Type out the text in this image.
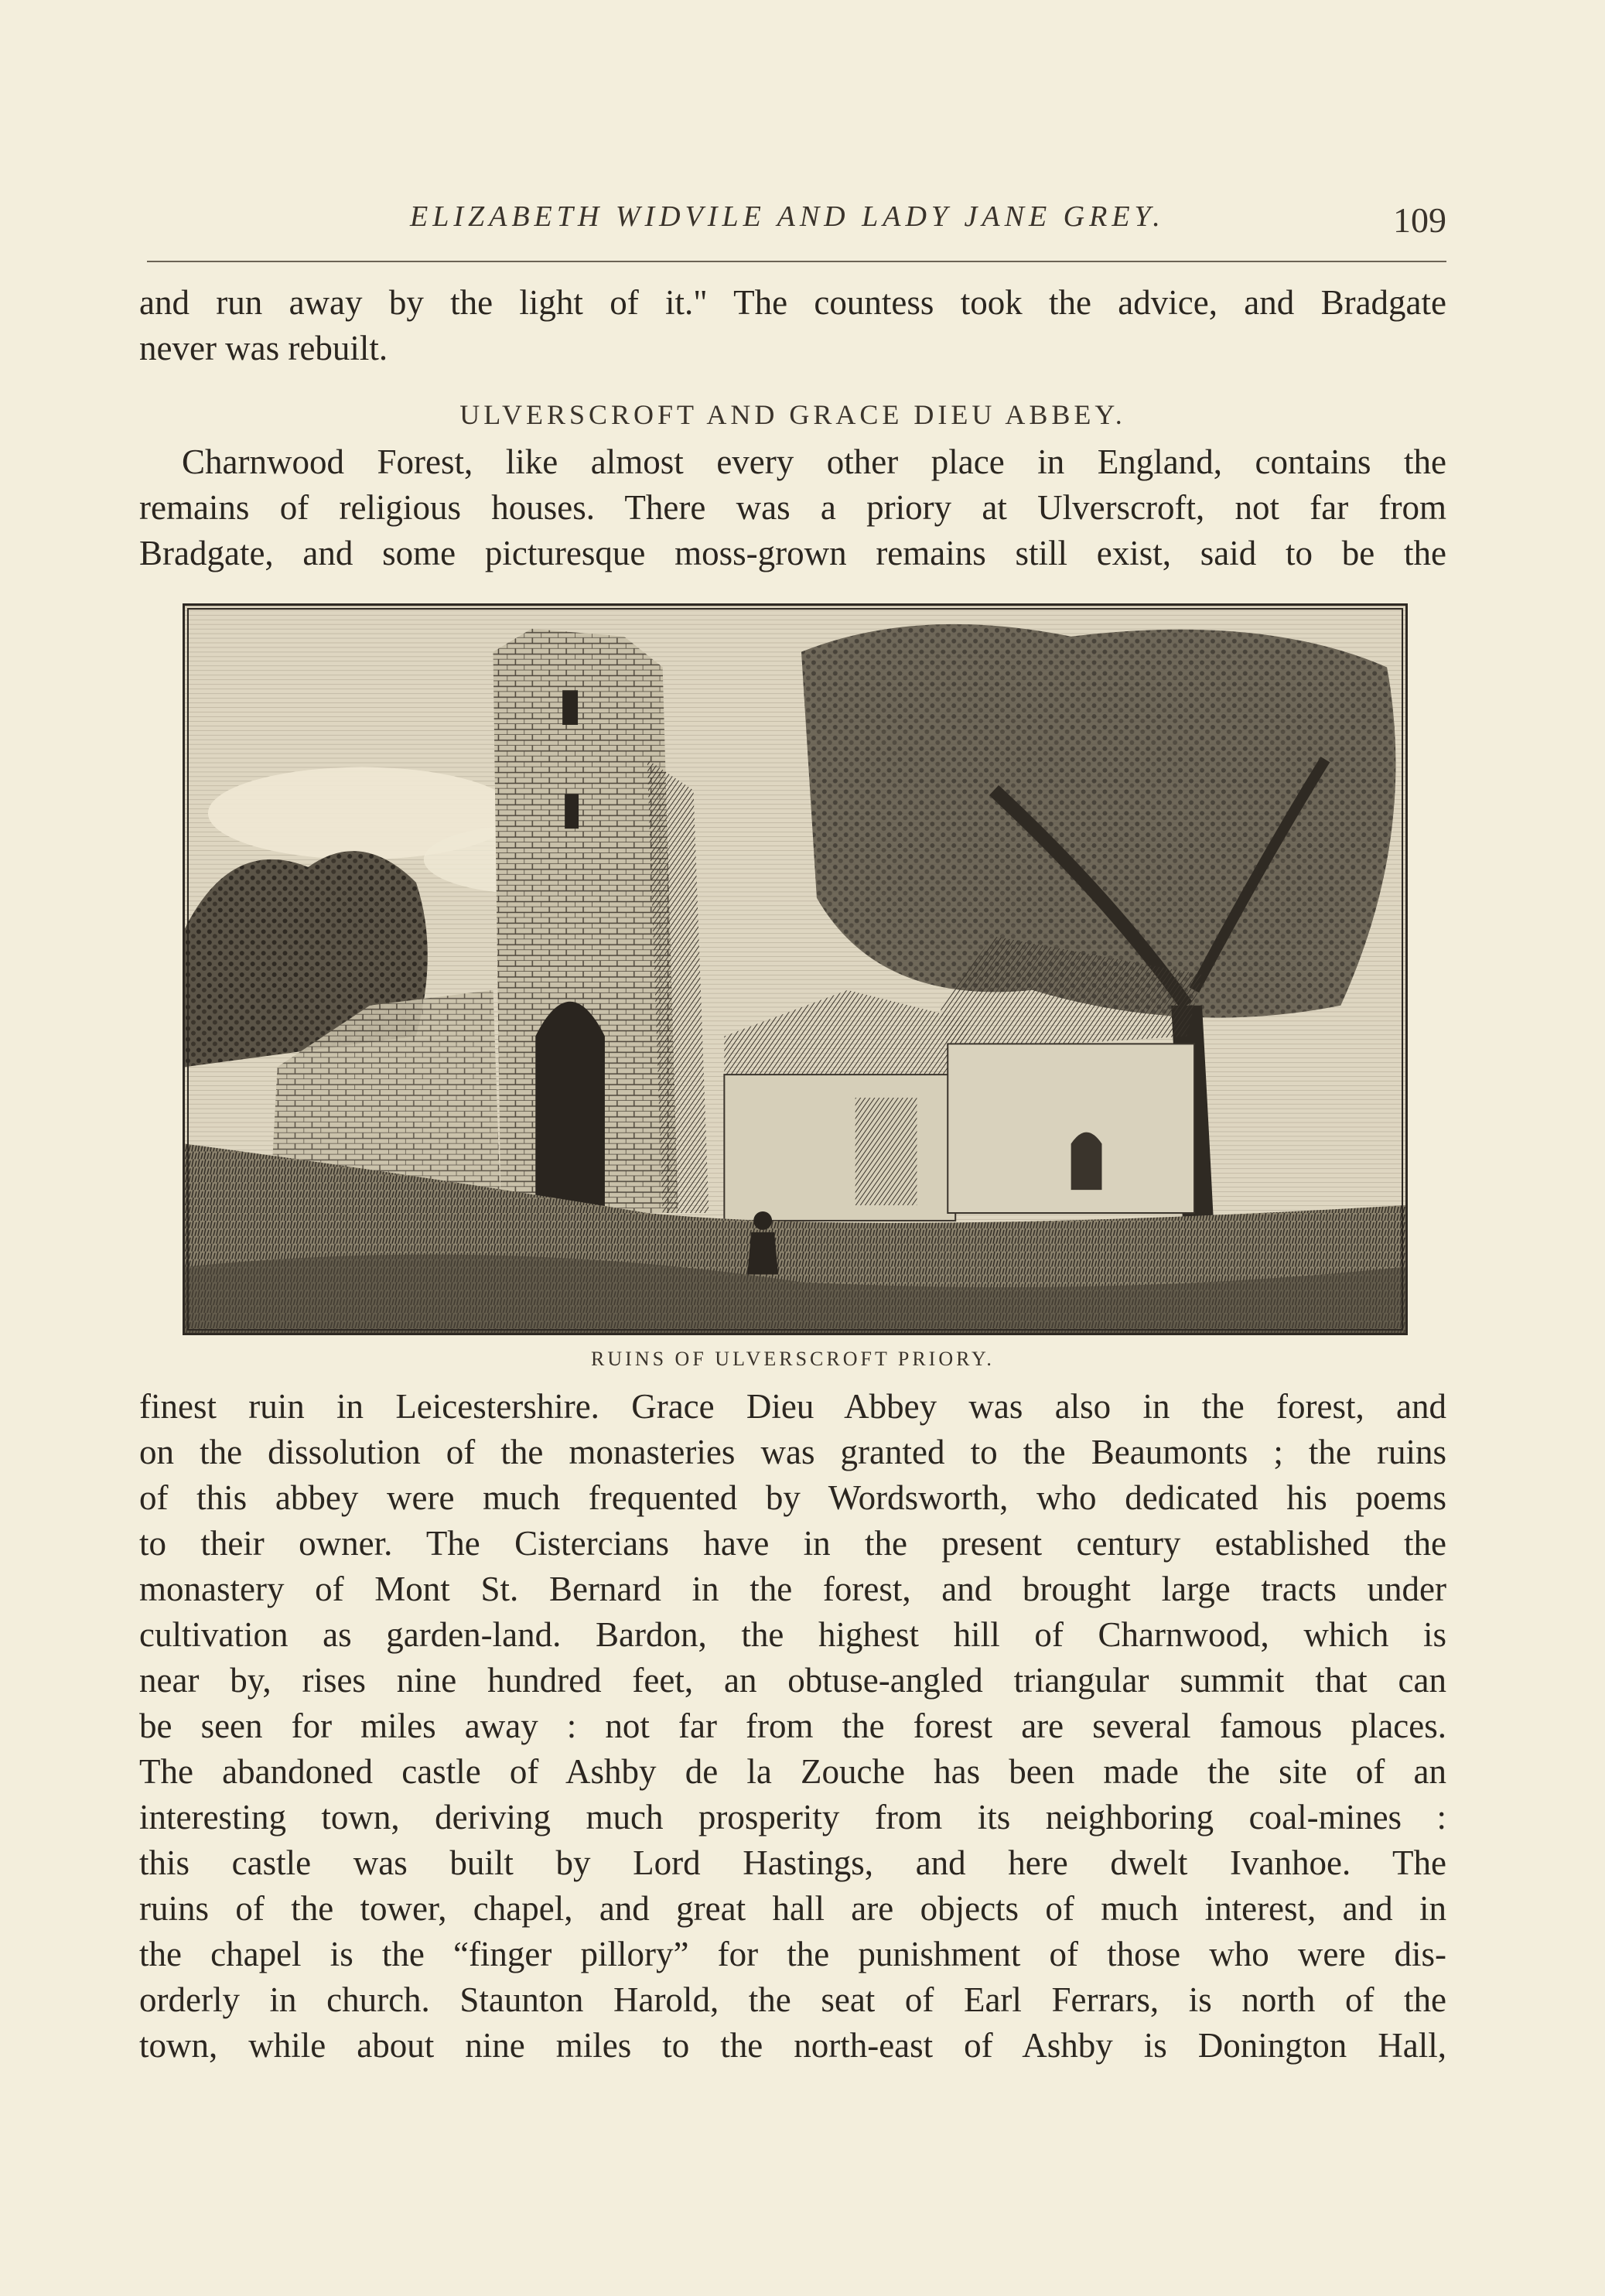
ELIZABETH WIDVILE AND LADY JANE GREY.	109
and run away by the light of it." The countess took the advice, and Bradgate
never was rebuilt.
ULVERSCROFT AND GRACE DIEU ABBEY.
Charnwood Forest, like almost every other place in England, contains the
remains of religious houses. There was a priory at Ulverscroft, not far from
Bradgate, and some picturesque moss-grown remains still exist, said to be the
RUINS OF ULVERSCROFT PRIORY.
finest ruin in Leicestershire. Grace Dieu Abbey was also in the forest, and
on the dissolution of the monasteries was granted to the Beaumonts ; the ruins
of this abbey were much frequented by Wordsworth, who dedicated his poems
to their owner. The Cistercians have in the present century established the
monastery of Mont St. Bernard in the forest, and brought large tracts under
cultivation as garden-land. Bardon, the highest hill of Charnwood, which is
near by, rises nine hundred feet, an obtuse-angled triangular summit that can
be seen for miles away : not far from the forest are several famous places.
The abandoned castle of Ashby de la Zouche has been made the site of an
interesting town, deriving much prosperity from its neighboring coal-mines :
this castle was built by Lord Hastings, and here dwelt Ivanhoe. The
ruins of the tower, chapel, and great hall are objects of much interest, and in
the chapel is the “finger pillory” for the punishment of those who were dis-
orderly in church. Staunton Harold, the seat of Earl Ferrars, is north of the
town, while about nine miles to the north-east of Ashby is Donington Hall,
